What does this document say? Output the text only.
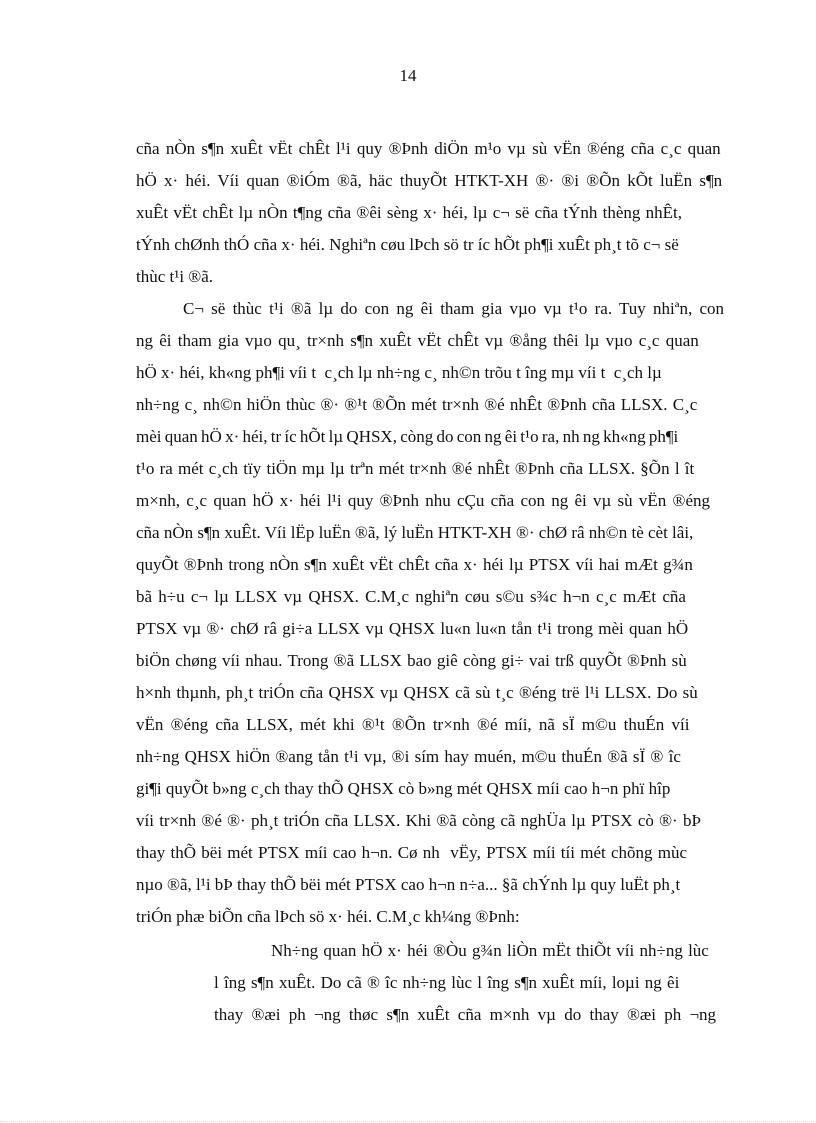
14
cña nÒn s¶n xuÊt vËt chÊt l¹i quy ®Þnh diÖn m¹o vµ sù vËn ®éng cña c¸c quan
hÖ x· héi. Víi quan ®iÓm ®ã, häc thuyÕt HTKT-XH ®· ®i ®Õn kÕt luËn s¶n
xuÊt vËt chÊt lµ nÒn t¶ng cña ®êi sèng x· héi, lµ c¬ së cña tÝnh thèng nhÊt,
tÝnh chØnh thÓ cña x· héi. Nghiªn cøu lÞch sö tr íc hÕt ph¶i xuÊt ph¸t tõ c¬ së
thùc t¹i ®ã.
C¬ së thùc t¹i ®ã lµ do con ng êi tham gia vµo vµ t¹o ra. Tuy nhiªn, con
ng êi tham gia vµo qu¸ tr×nh s¶n xuÊt vËt chÊt vµ ®ång thêi lµ vµo c¸c quan
hÖ x· héi, kh«ng ph¶i víi t  c¸ch lµ nh÷ng c¸ nh©n trõu t îng mµ víi t  c¸ch lµ
nh÷ng c¸ nh©n hiÖn thùc ®· ®¹t ®Õn mét tr×nh ®é nhÊt ®Þnh cña LLSX. C¸c
mèi quan hÖ x· héi, tr íc hÕt lµ QHSX, còng do con ng êi t¹o ra, nh ng kh«ng ph¶i
t¹o ra mét c¸ch tïy tiÖn mµ lµ trªn mét tr×nh ®é nhÊt ®Þnh cña LLSX. §Õn l ît
m×nh, c¸c quan hÖ x· héi l¹i quy ®Þnh nhu cÇu cña con ng êi vµ sù vËn ®éng
cña nÒn s¶n xuÊt. Víi lËp luËn ®ã, lý luËn HTKT-XH ®· chØ râ nh©n tè cèt lâi,
quyÕt ®Þnh trong nÒn s¶n xuÊt vËt chÊt cña x· héi lµ PTSX víi hai mÆt g¾n
bã h÷u c¬ lµ LLSX vµ QHSX. C.M¸c nghiªn cøu s©u s¾c h¬n c¸c mÆt cña
PTSX vµ ®· chØ râ gi÷a LLSX vµ QHSX lu«n lu«n tån t¹i trong mèi quan hÖ
biÖn chøng víi nhau. Trong ®ã LLSX bao giê còng gi÷ vai trß quyÕt ®Þnh sù
h×nh thµnh, ph¸t triÓn cña QHSX vµ QHSX cã sù t¸c ®éng trë l¹i LLSX. Do sù
vËn ®éng cña LLSX, mét khi ®¹t ®Õn tr×nh ®é míi, nã sÏ m©u thuÉn víi
nh÷ng QHSX hiÖn ®ang tån t¹i vµ, ®i sím hay muén, m©u thuÉn ®ã sÏ ® îc
gi¶i quyÕt b»ng c¸ch thay thÕ QHSX cò b»ng mét QHSX míi cao h¬n phï hîp
víi tr×nh ®é ®· ph¸t triÓn cña LLSX. Khi ®ã còng cã nghÜa lµ PTSX cò ®· bÞ
thay thÕ bëi mét PTSX míi cao h¬n. Cø nh  vËy, PTSX míi tíi mét chõng mùc
nµo ®ã, l¹i bÞ thay thÕ bëi mét PTSX cao h¬n n÷a... §ã chÝnh lµ quy luËt ph¸t
triÓn phæ biÕn cña lÞch sö x· héi. C.M¸c kh¼ng ®Þnh:
Nh÷ng quan hÖ x· héi ®Òu g¾n liÒn mËt thiÕt víi nh÷ng lùc
l îng s¶n xuÊt. Do cã ® îc nh÷ng lùc l îng s¶n xuÊt míi, loµi ng êi
thay ®æi ph ¬ng thøc s¶n xuÊt cña m×nh vµ do thay ®æi ph ¬ng
